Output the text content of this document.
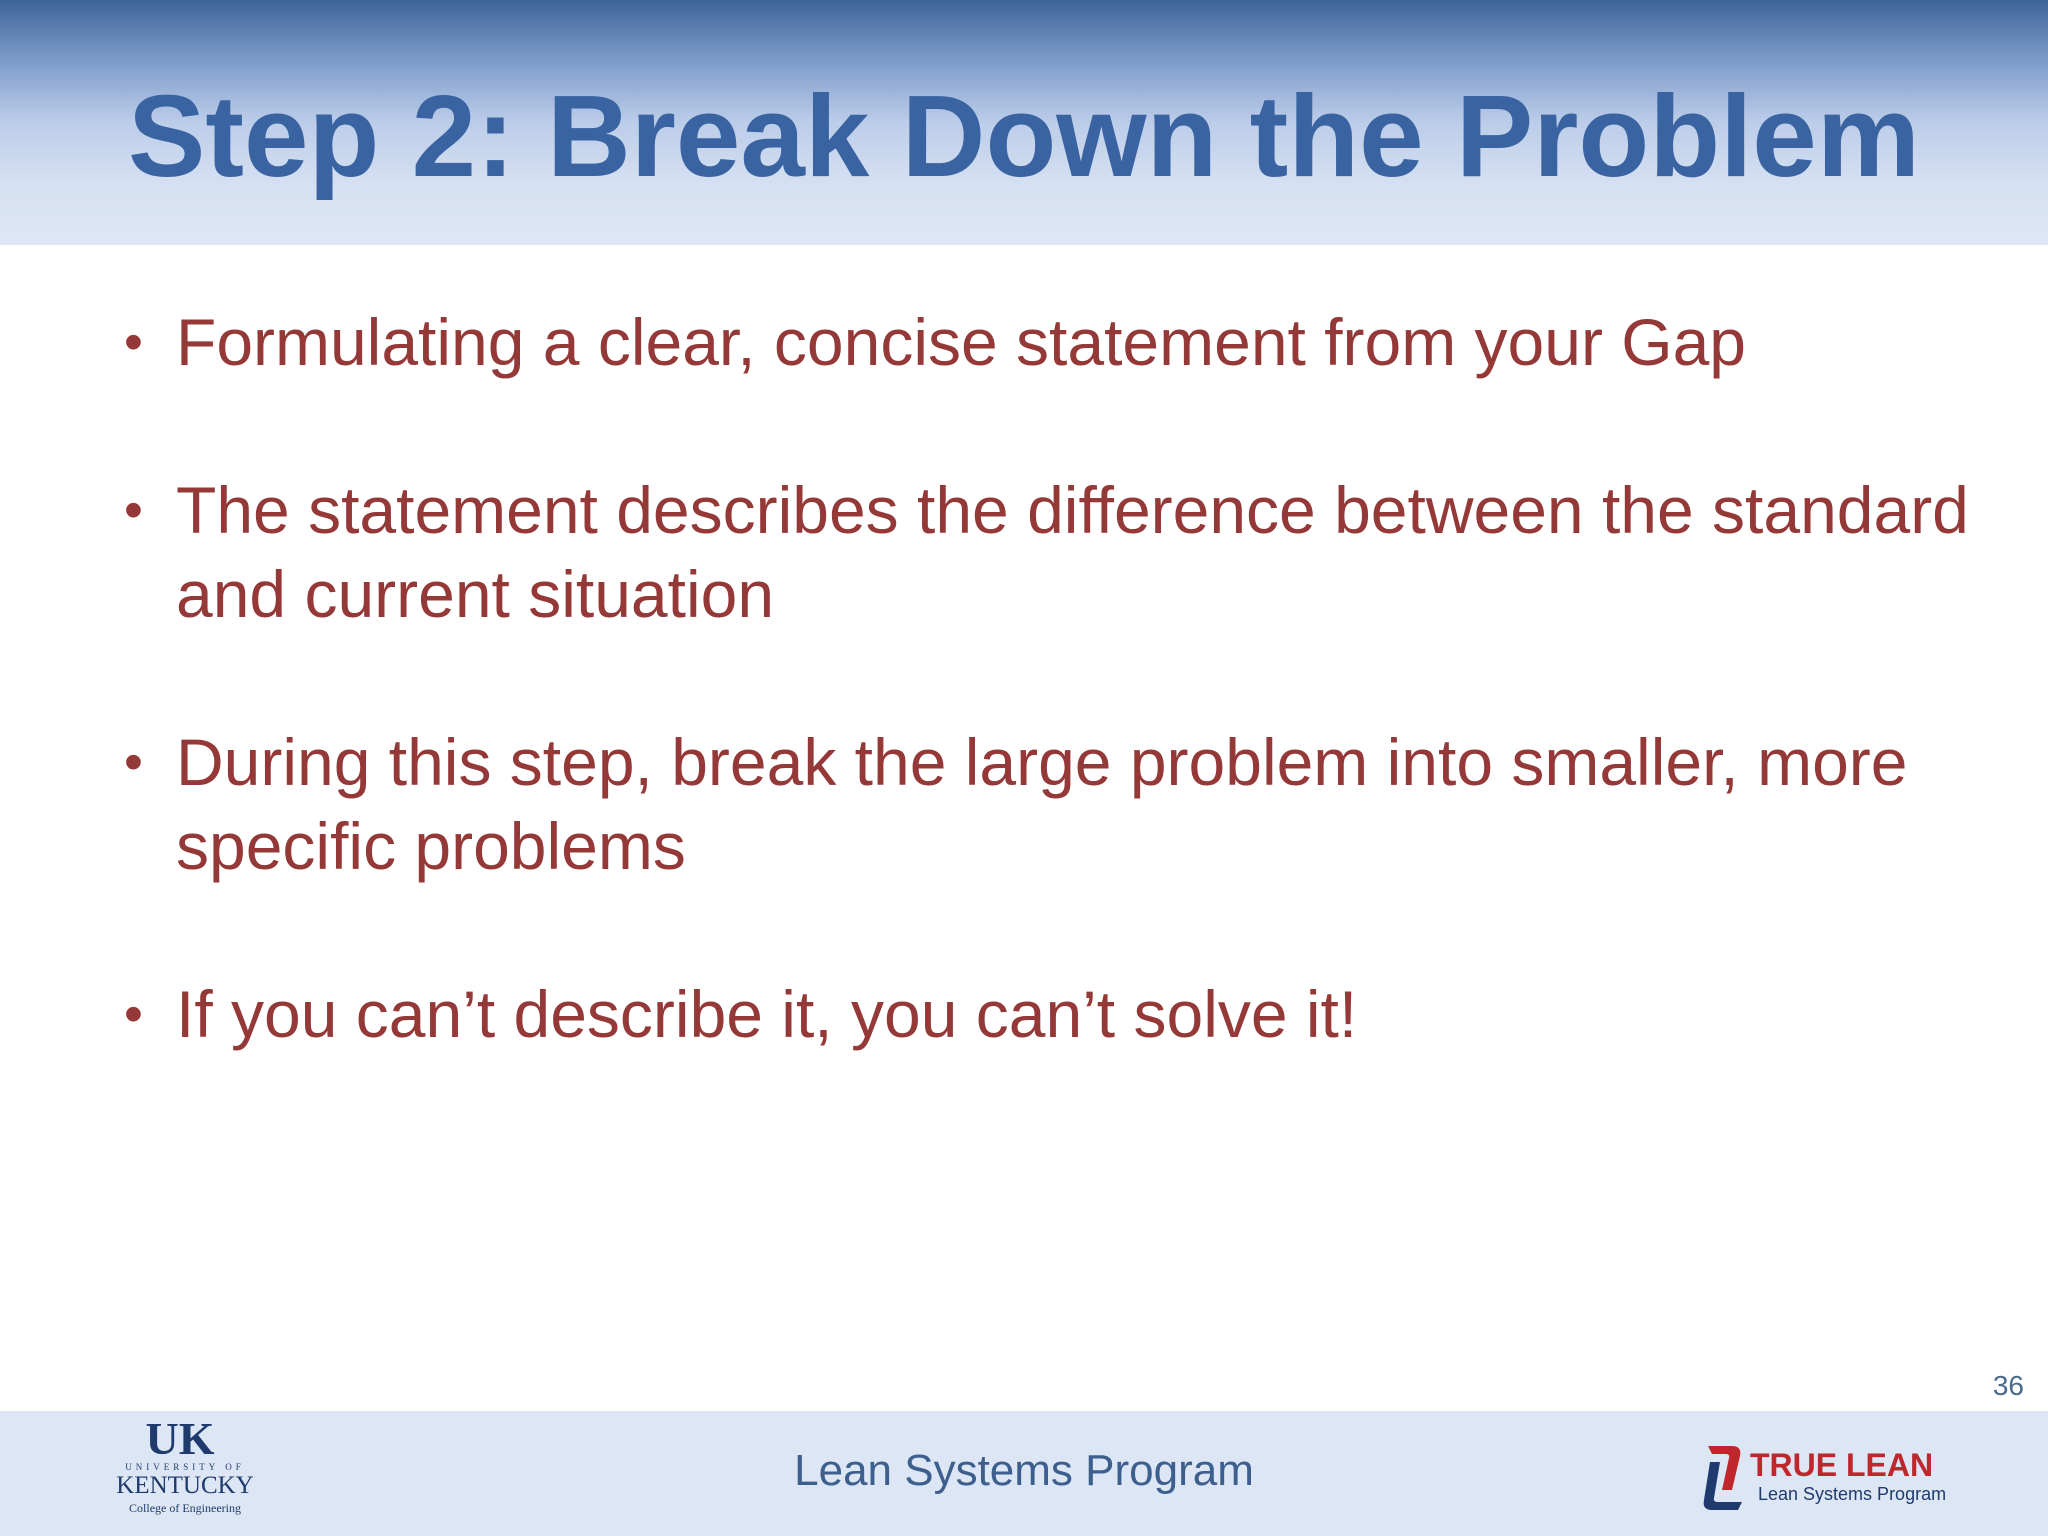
Step 2: Break Down the Problem
• Formulating a clear, concise statement from your Gap
• The statement describes the difference between the standard and current situation
• During this step, break the large problem into smaller, more specific problems
• If you can’t describe it, you can’t solve it!
36
UK
UNIVERSITY OF
KENTUCKY
College of Engineering
Lean Systems Program	TRUE LEAN
Lean Systems Program
